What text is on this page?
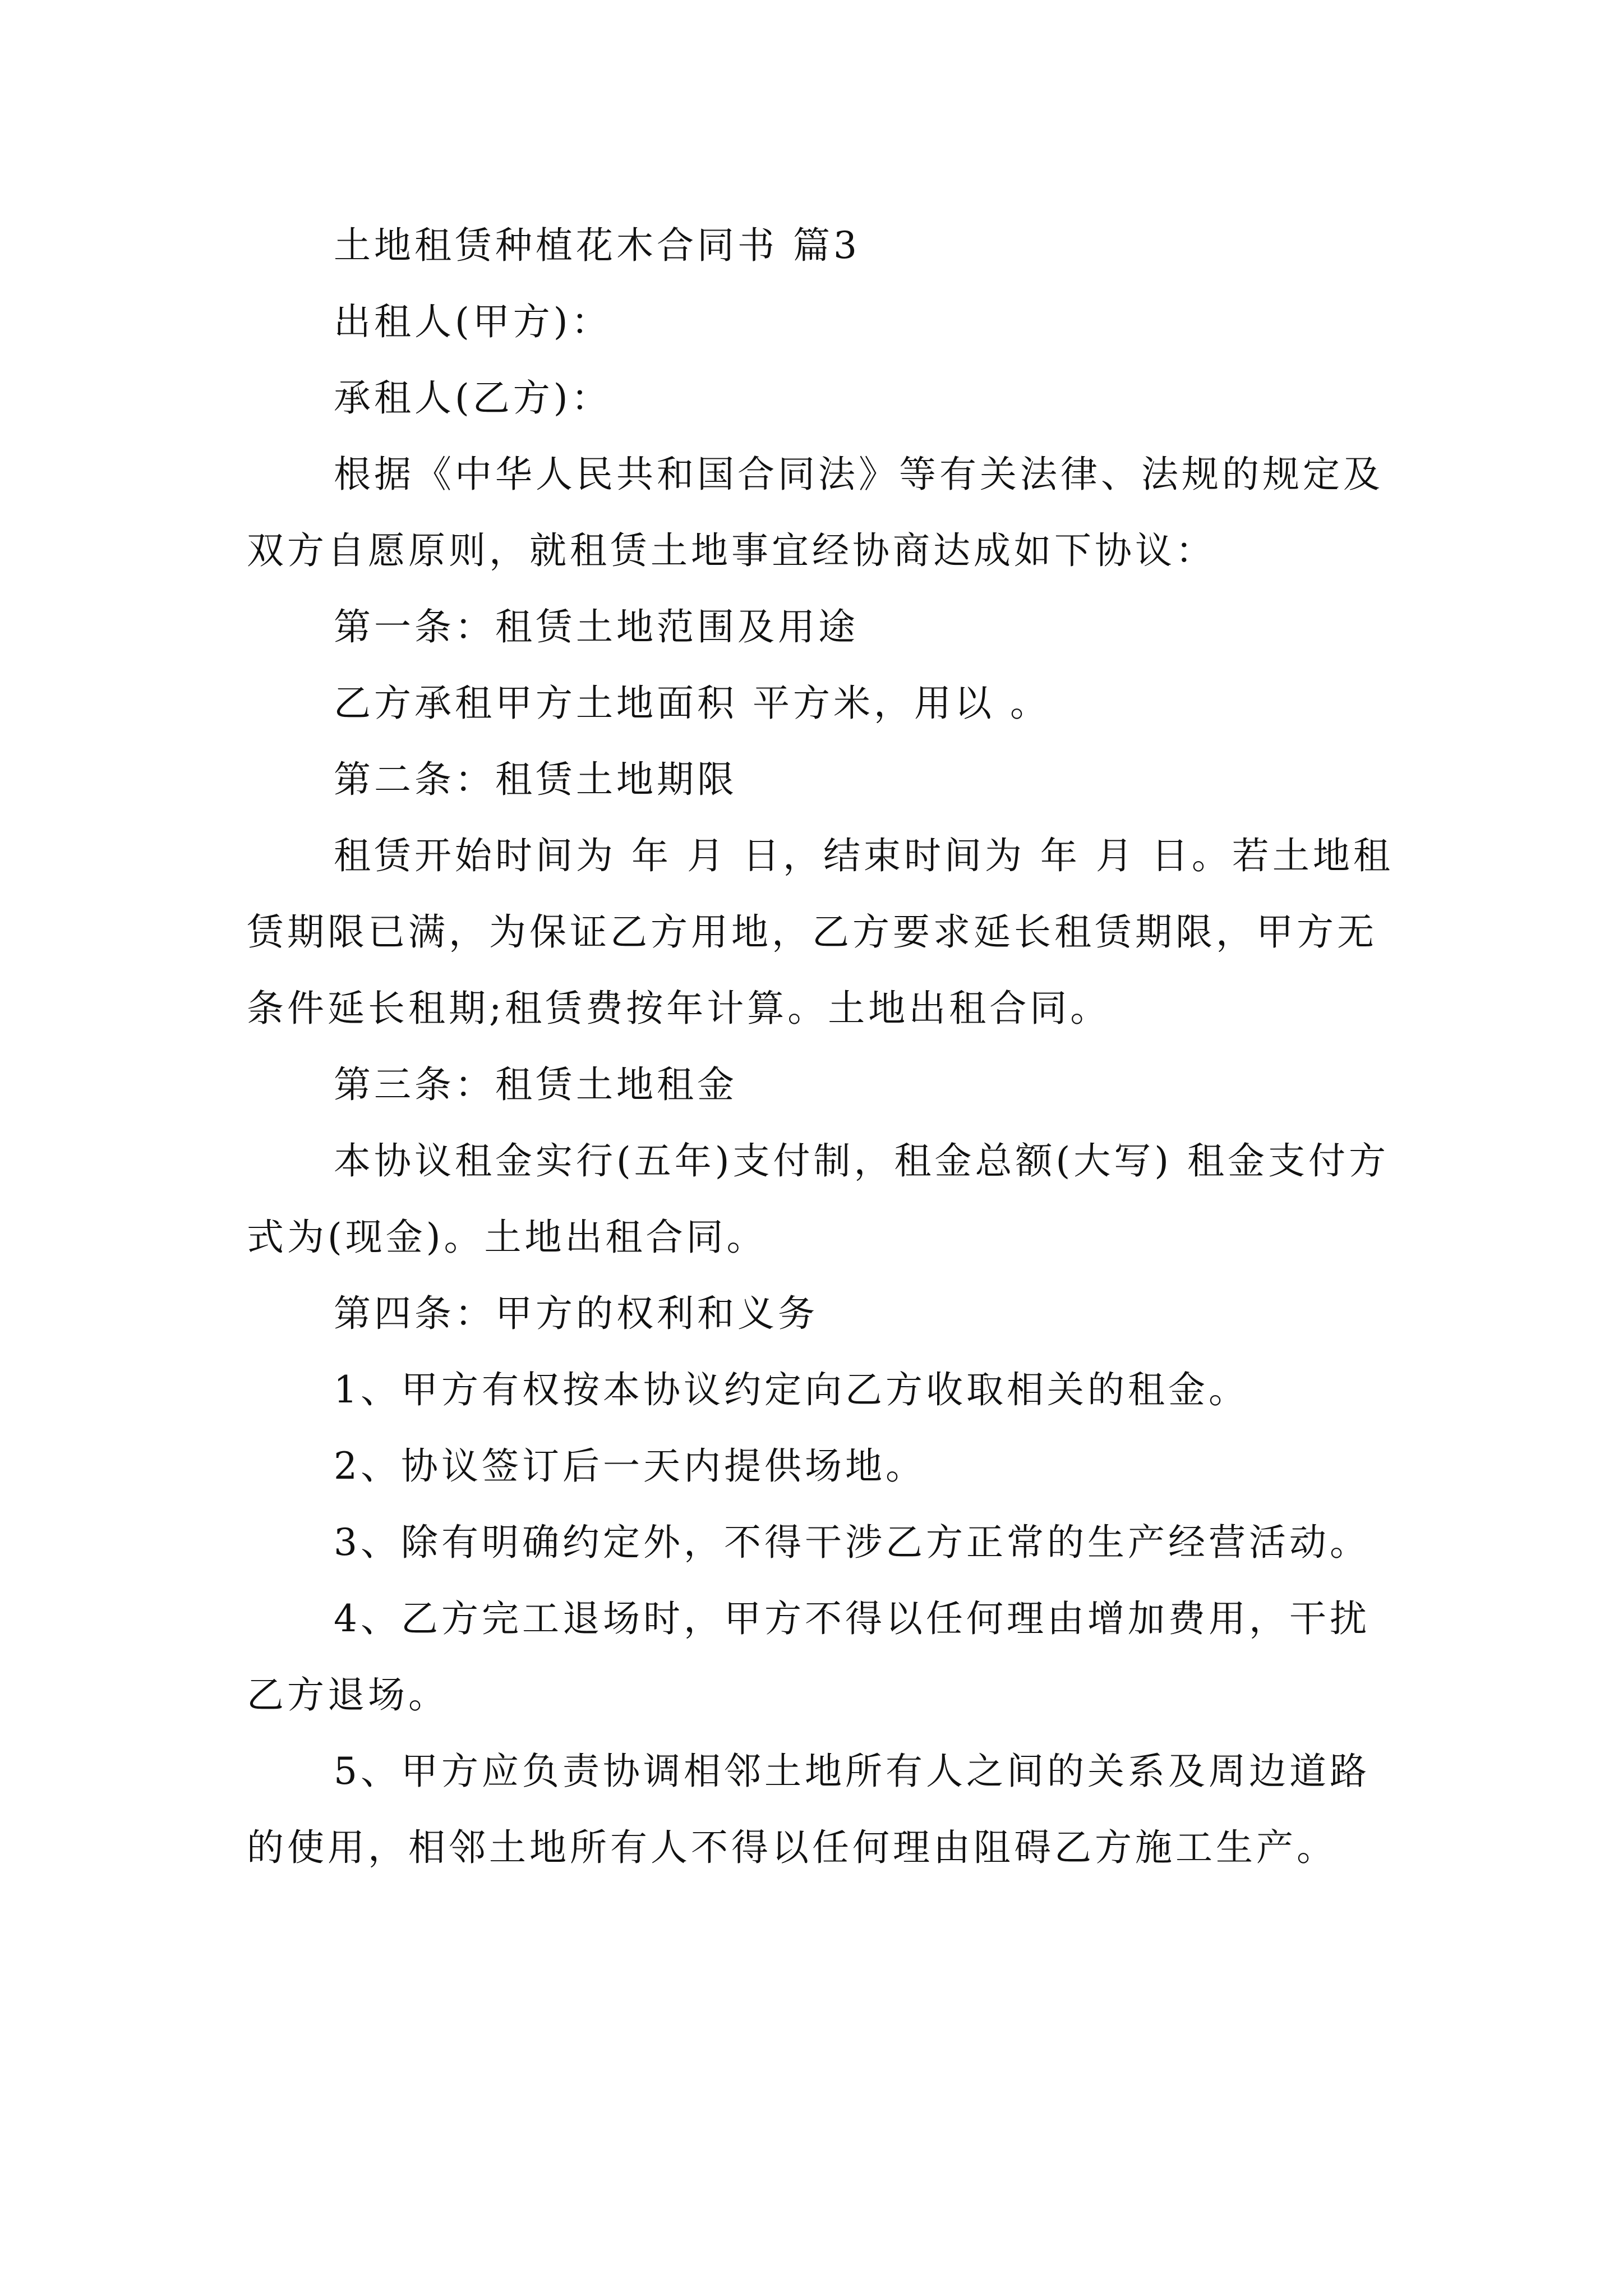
土地租赁种植花木合同书 篇3

出租人(甲方)：

承租人(乙方)：

根据《中华人民共和国合同法》等有关法律、法规的规定及双方自愿原则，就租赁土地事宜经协商达成如下协议：

第一条：租赁土地范围及用途

乙方承租甲方土地面积 平方米，用以 。

第二条：租赁土地期限

租赁开始时间为 年 月 日，结束时间为 年 月 日。若土地租赁期限已满，为保证乙方用地，乙方要求延长租赁期限，甲方无条件延长租期;租赁费按年计算。土地出租合同。

第三条：租赁土地租金

本协议租金实行(五年)支付制，租金总额(大写) 租金支付方式为(现金)。土地出租合同。

第四条：甲方的权利和义务

1、甲方有权按本协议约定向乙方收取相关的租金。

2、协议签订后一天内提供场地。

3、除有明确约定外，不得干涉乙方正常的生产经营活动。

4、乙方完工退场时，甲方不得以任何理由增加费用，干扰乙方退场。

5、甲方应负责协调相邻土地所有人之间的关系及周边道路的使用，相邻土地所有人不得以任何理由阻碍乙方施工生产。
